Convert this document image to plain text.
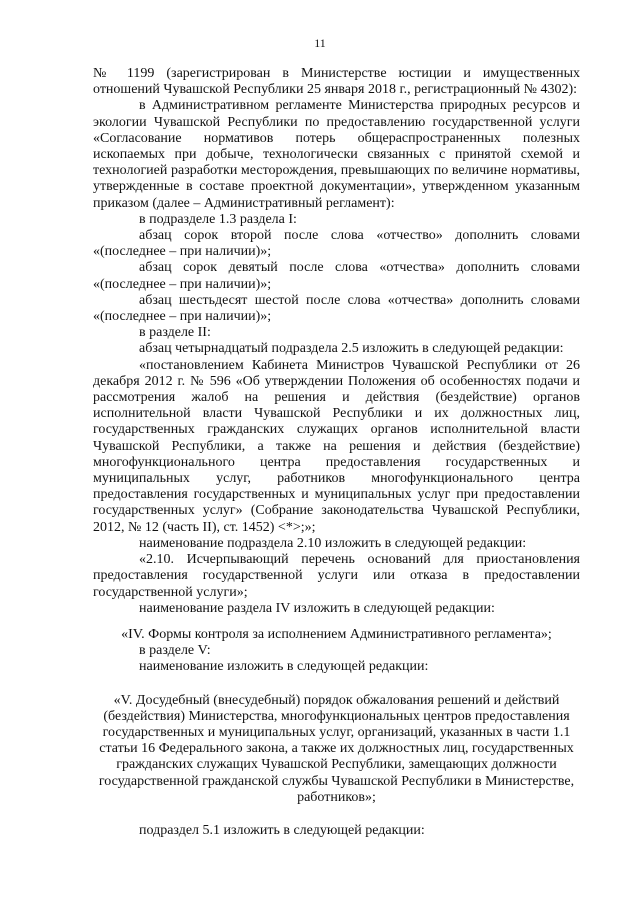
11

№ 1199 (зарегистрирован в Министерстве юстиции и имущественных отношений Чувашской Республики 25 января 2018 г., регистрационный № 4302):

в Административном регламенте Министерства природных ресурсов и экологии Чувашской Республики по предоставлению государственной услуги «Согласование нормативов потерь общераспространенных полезных ископаемых при добыче, технологически связанных с принятой схемой и технологией разработки месторождения, превышающих по величине нормативы, утвержденные в составе проектной документации», утвержденном указанным приказом (далее – Административный регламент):

в подразделе 1.3 раздела I:

абзац сорок второй после слова «отчество» дополнить словами «(последнее – при наличии)»;

абзац сорок девятый после слова «отчества» дополнить словами «(последнее – при наличии)»;

абзац шестьдесят шестой после слова «отчества» дополнить словами «(последнее – при наличии)»;

в разделе II:

абзац четырнадцатый подраздела 2.5 изложить в следующей редакции:

«постановлением Кабинета Министров Чувашской Республики от 26 декабря 2012 г. № 596 «Об утверждении Положения об особенностях подачи и рассмотрения жалоб на решения и действия (бездействие) органов исполнительной власти Чувашской Республики и их должностных лиц, государственных гражданских служащих органов исполнительной власти Чувашской Республики, а также на решения и действия (бездействие) многофункционального центра предоставления государственных и муниципальных услуг, работников многофункционального центра предоставления государственных и муниципальных услуг при предоставлении государственных услуг» (Собрание законодательства Чувашской Республики, 2012, № 12 (часть II), ст. 1452) <*>;»;

наименование подраздела 2.10 изложить в следующей редакции:

«2.10. Исчерпывающий перечень оснований для приостановления предоставления государственной услуги или отказа в предоставлении государственной услуги»;

наименование раздела IV изложить в следующей редакции:

«IV. Формы контроля за исполнением Административного регламента»;

в разделе V:

наименование изложить в следующей редакции:

«V. Досудебный (внесудебный) порядок обжалования решений и действий (бездействия) Министерства, многофункциональных центров предоставления государственных и муниципальных услуг, организаций, указанных в части 1.1 статьи 16 Федерального закона, а также их должностных лиц, государственных гражданских служащих Чувашской Республики, замещающих должности государственной гражданской службы Чувашской Республики в Министерстве, работников»;

подраздел 5.1 изложить в следующей редакции:
